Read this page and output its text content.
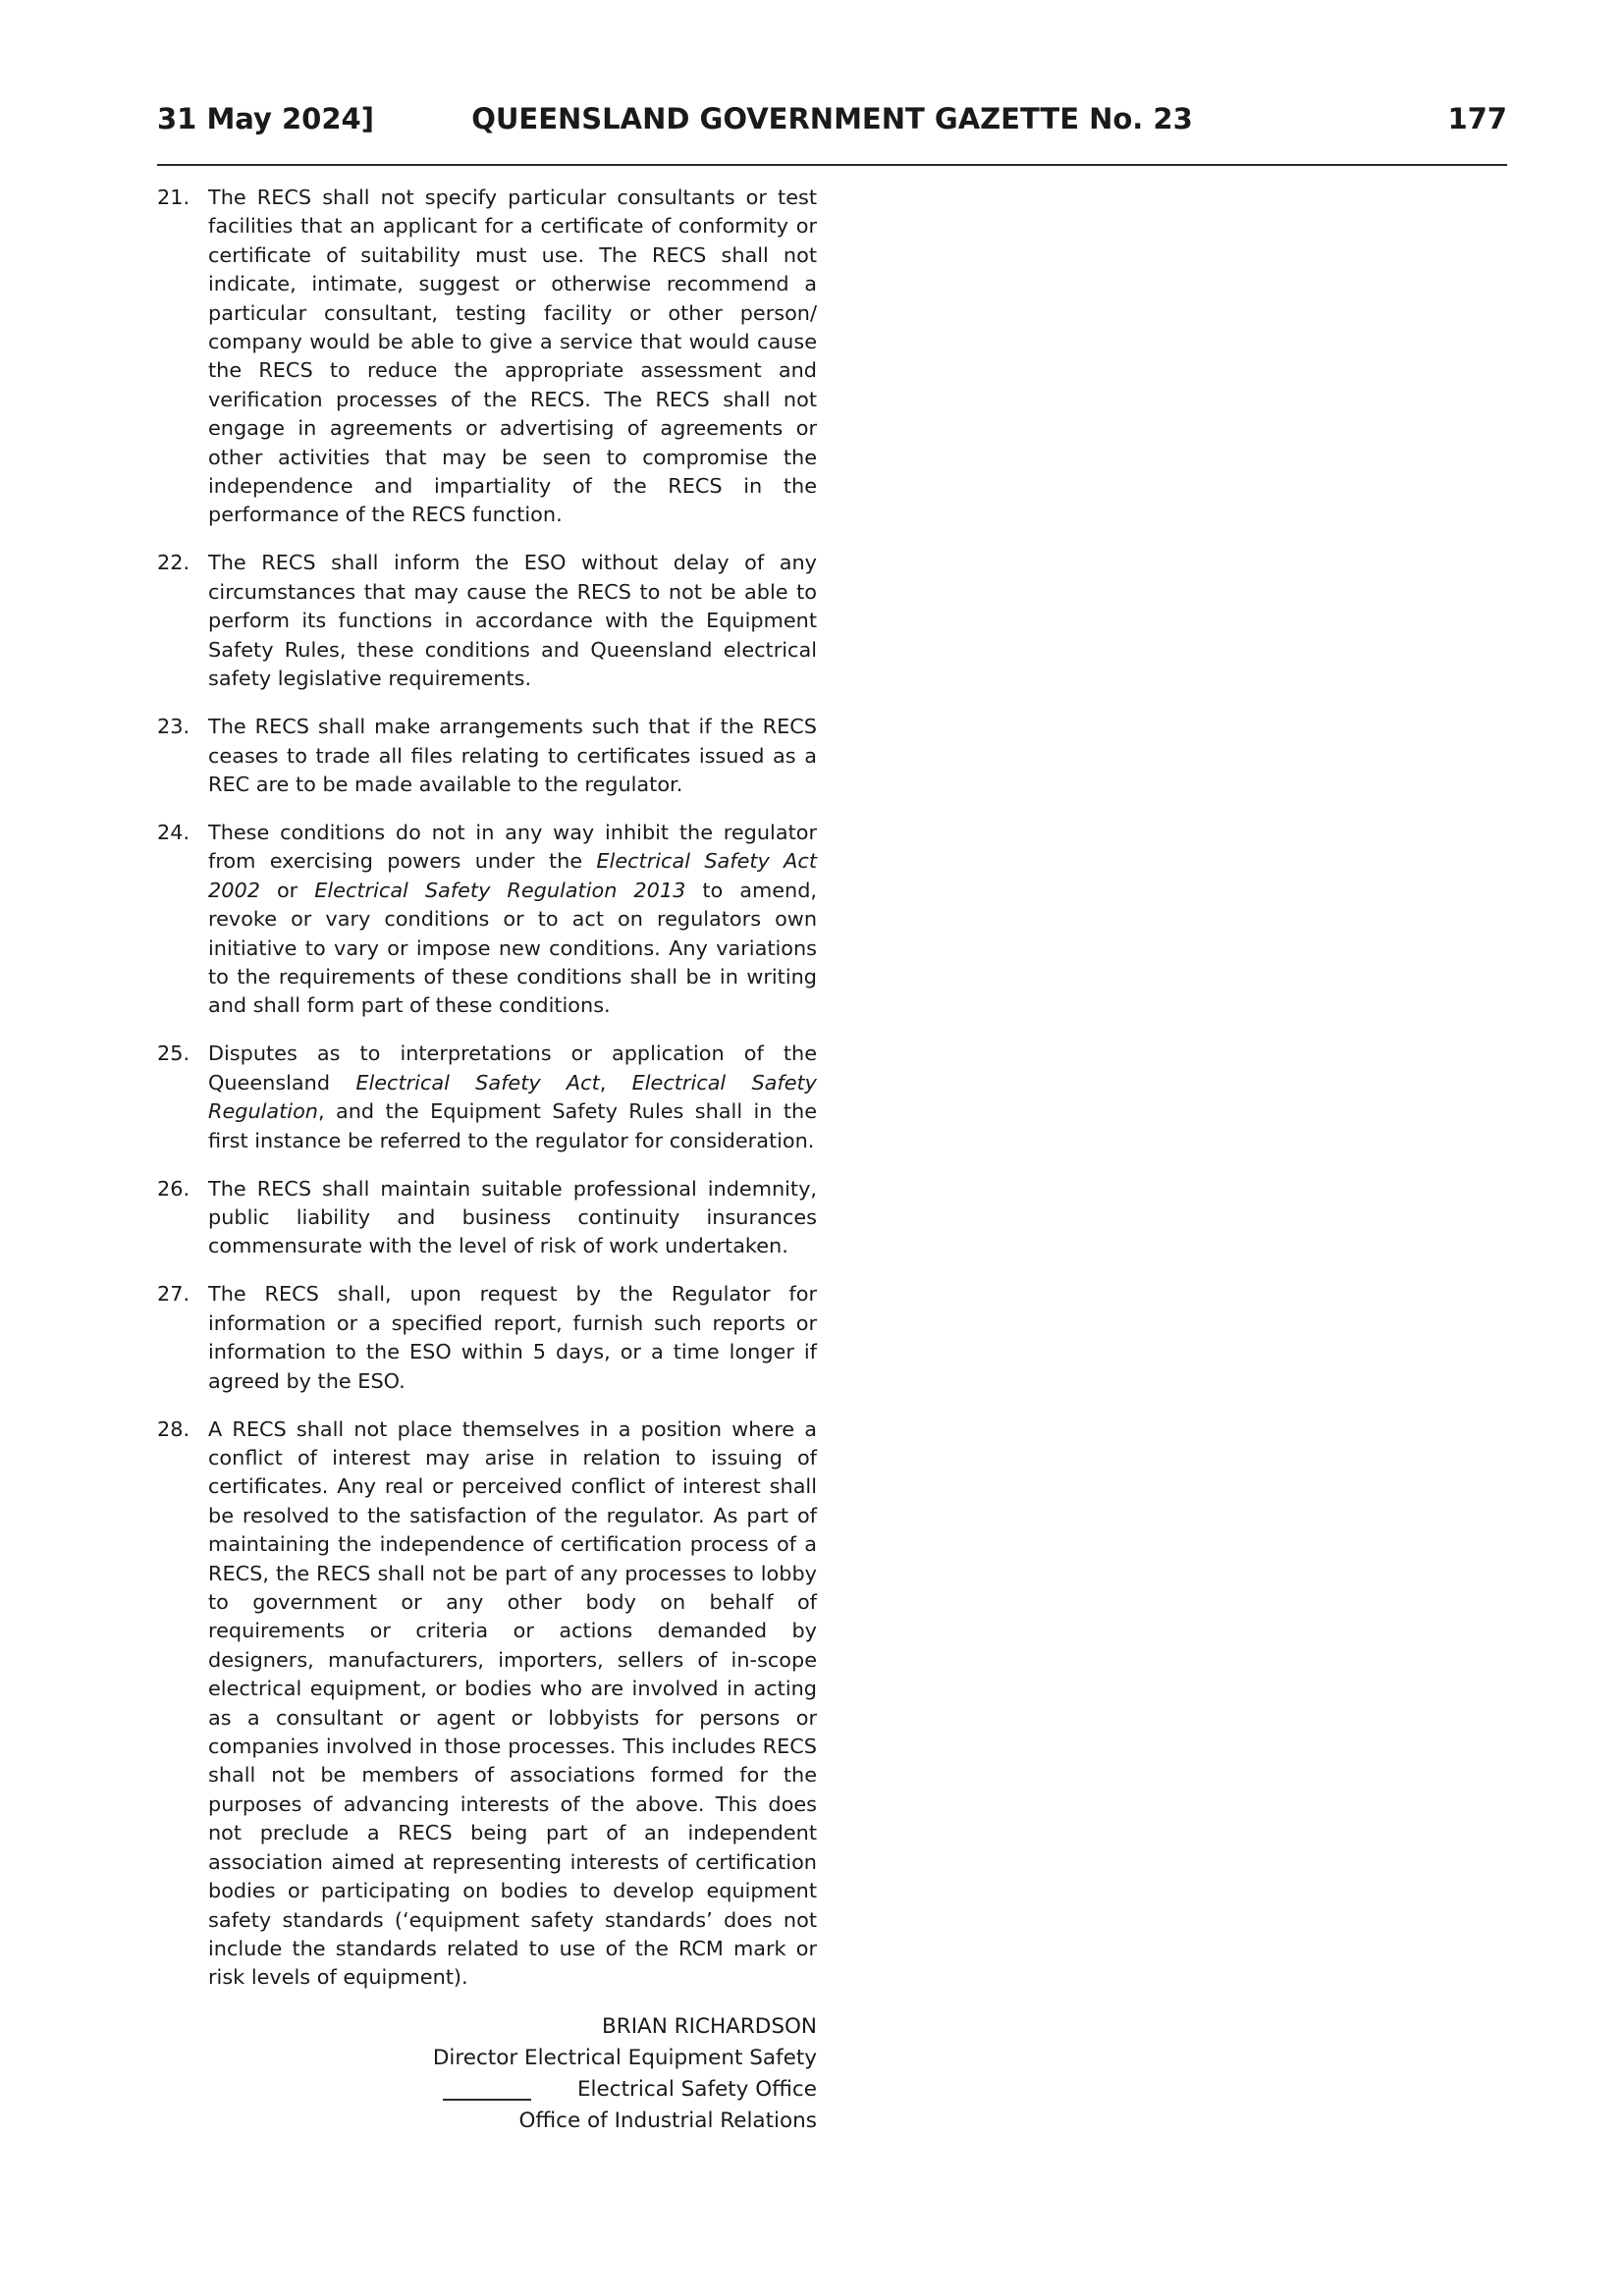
31 May 2024]	QUEENSLAND GOVERNMENT GAZETTE No. 23	177
21. The RECS shall not specify particular consultants or test facilities that an applicant for a certificate of conformity or certificate of suitability must use. The RECS shall not indicate, intimate, suggest or otherwise recommend a particular consultant, testing facility or other person/ company would be able to give a service that would cause the RECS to reduce the appropriate assessment and verification processes of the RECS. The RECS shall not engage in agreements or advertising of agreements or other activities that may be seen to compromise the independence and impartiality of the RECS in the performance of the RECS function.
22. The RECS shall inform the ESO without delay of any circumstances that may cause the RECS to not be able to perform its functions in accordance with the Equipment Safety Rules, these conditions and Queensland electrical safety legislative requirements.
23. The RECS shall make arrangements such that if the RECS ceases to trade all files relating to certificates issued as a REC are to be made available to the regulator.
24. These conditions do not in any way inhibit the regulator from exercising powers under the Electrical Safety Act 2002 or Electrical Safety Regulation 2013 to amend, revoke or vary conditions or to act on regulators own initiative to vary or impose new conditions. Any variations to the requirements of these conditions shall be in writing and shall form part of these conditions.
25. Disputes as to interpretations or application of the Queensland Electrical Safety Act, Electrical Safety Regulation, and the Equipment Safety Rules shall in the first instance be referred to the regulator for consideration.
26. The RECS shall maintain suitable professional indemnity, public liability and business continuity insurances commensurate with the level of risk of work undertaken.
27. The RECS shall, upon request by the Regulator for information or a specified report, furnish such reports or information to the ESO within 5 days, or a time longer if agreed by the ESO.
28. A RECS shall not place themselves in a position where a conflict of interest may arise in relation to issuing of certificates. Any real or perceived conflict of interest shall be resolved to the satisfaction of the regulator. As part of maintaining the independence of certification process of a RECS, the RECS shall not be part of any processes to lobby to government or any other body on behalf of requirements or criteria or actions demanded by designers, manufacturers, importers, sellers of in-scope electrical equipment, or bodies who are involved in acting as a consultant or agent or lobbyists for persons or companies involved in those processes. This includes RECS shall not be members of associations formed for the purposes of advancing interests of the above. This does not preclude a RECS being part of an independent association aimed at representing interests of certification bodies or participating on bodies to develop equipment safety standards (‘equipment safety standards’ does not include the standards related to use of the RCM mark or risk levels of equipment).
BRIAN RICHARDSON
Director Electrical Equipment Safety
Electrical Safety Office
Office of Industrial Relations
